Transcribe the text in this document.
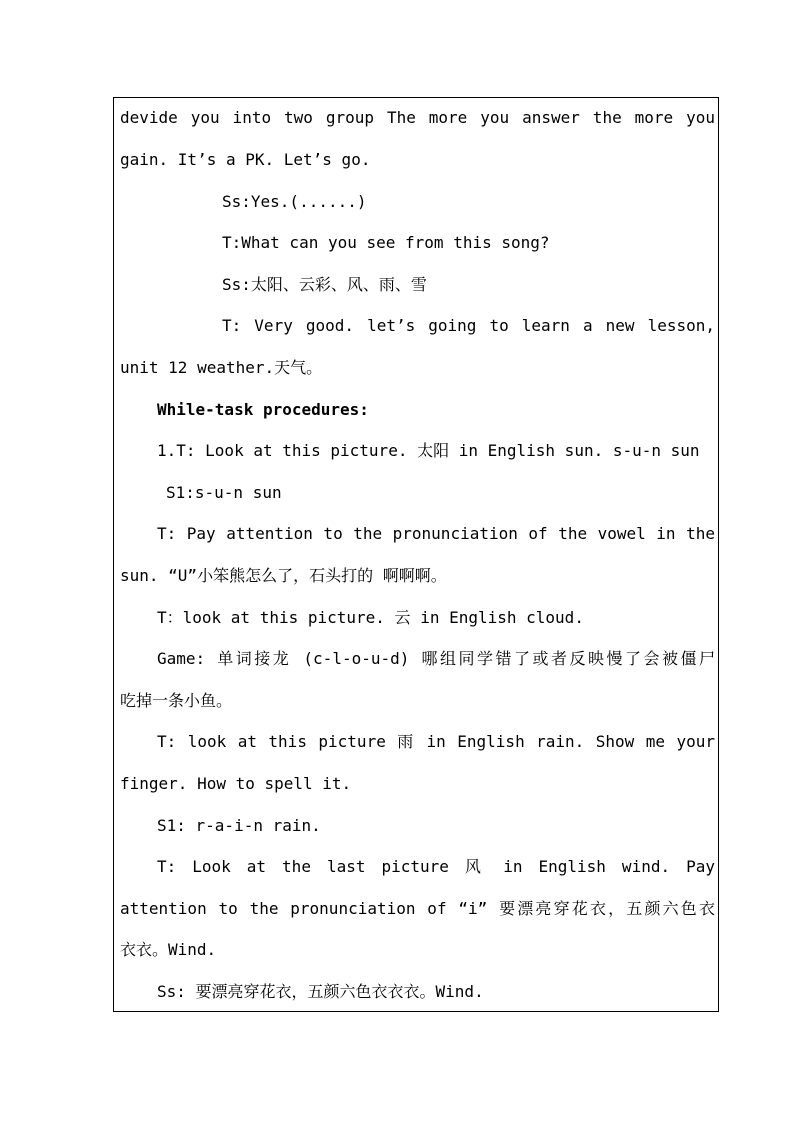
devide you into two group The more you answer the more you
gain. It’s a PK. Let’s go.
Ss:Yes.(......)
T:What can you see from this song?
Ss:太阳、云彩、风、雨、雪
T: Very good. let’s going to learn a new lesson,
unit 12 weather.天气。
While-task procedures:
1.T: Look at this picture. 太阳 in English sun. s-u-n sun
S1:s-u-n sun
T: Pay attention to the pronunciation of the vowel in the
sun. “U”小笨熊怎么了，石头打的 啊啊啊。
T：look at this picture. 云 in English cloud.
Game: 单词接龙 (c-l-o-u-d) 哪组同学错了或者反映慢了会被僵尸
吃掉一条小鱼。
T: look at this picture 雨 in English rain. Show me your
finger. How to spell it.
S1: r-a-i-n rain.
T: Look at the last picture 风 in English wind. Pay
attention to the pronunciation of “i” 要漂亮穿花衣，五颜六色衣
衣衣。Wind.
Ss: 要漂亮穿花衣，五颜六色衣衣衣。Wind.
